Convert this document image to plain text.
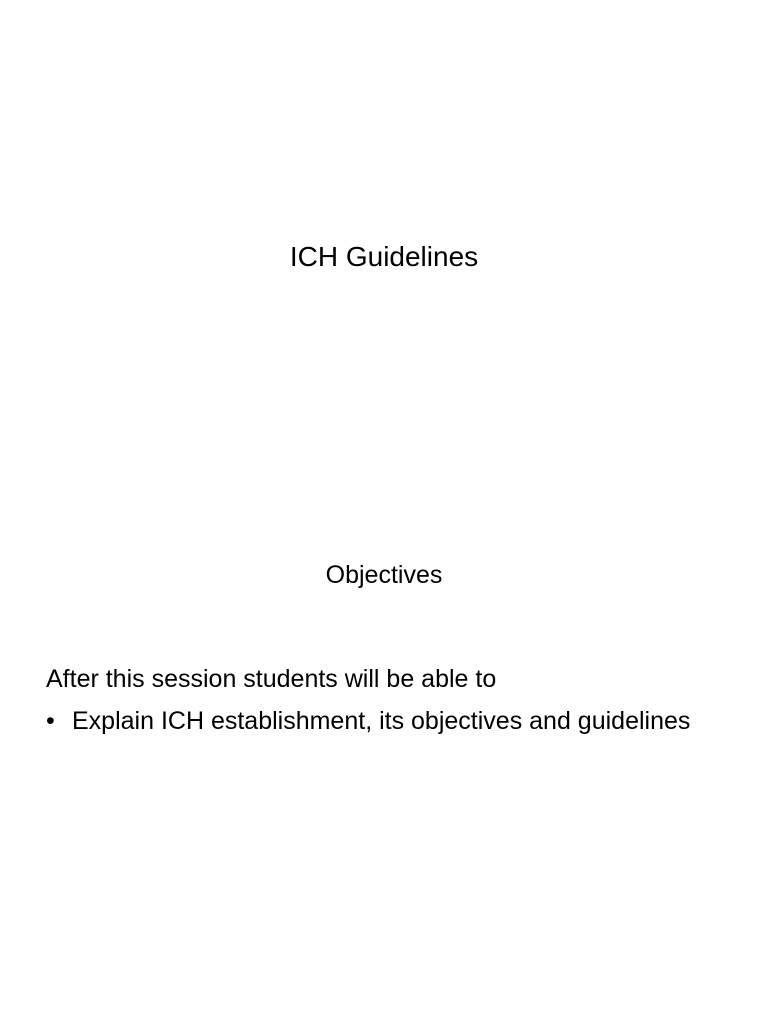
ICH Guidelines
Objectives

After this session students will be able to

• Explain ICH establishment, its objectives and guidelines
